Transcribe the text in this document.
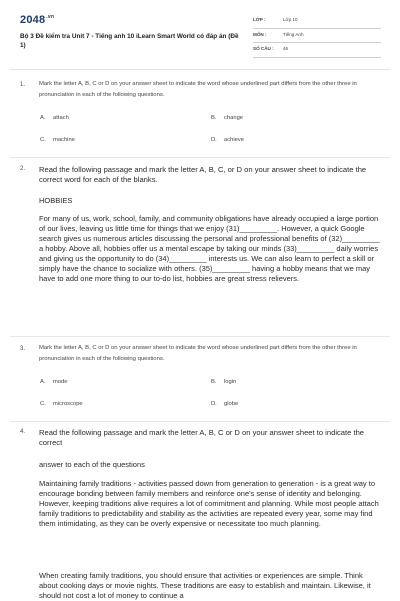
$2048^{.vn}$
Bộ 3 Đề kiểm tra Unit 7 - Tiếng anh 10 iLearn Smart World có đáp án (Đề 1)
LỚP :	Lớp 10
MÔN :	Tiếng Anh
SỐ CÂU : 46
1. Mark the letter A, B, C or D on your answer sheet to indicate the word whose underlined part differs from the other three in pronunciation in each of the following questions.
A. attach	B. change
C. machine	D. achieve
2. Read the following passage and mark the letter A, B, C, or D on your answer sheet to indicate the correct word for each of the blanks.
HOBBIES
For many of us, work, school, family, and community obligations have already occupied a large portion of our lives, leaving us little time for things that we enjoy (31)_________. However, a quick Google search gives us numerous articles discussing the personal and professional benefits of (32)_________ a hobby. Above all, hobbies offer us a mental escape by taking our minds (33)_________ daily worries and giving us the opportunity to do (34)_________ interests us. We can also learn to perfect a skill or simply have the chance to socialize with others. (35)_________ having a hobby means that we may have to add one more thing to our to-do list, hobbies are great stress relievers.
3. Mark the letter A, B, C or D on your answer sheet to indicate the word whose underlined part differs from the other three in pronunciation in each of the following questions.
A. mode	B. login
C. microscope	D. globe
4. Read the following passage and mark the letter A, B, C or D on your answer sheet to indicate the correct
answer to each of the questions
Maintaining family traditions - activities passed down from generation to generation - is a great way to encourage bonding between family members and reinforce one's sense of identity and belonging. However, keeping traditions alive requires a lot of commitment and planning. While most people attach family traditions to predictability and stability as the activities are repeated every year, some may find them intimidating, as they can be overly expensive or necessitate too much planning.
When creating family traditions, you should ensure that activities or experiences are simple. Think about cooking days or movie nights. These traditions are easy to establish and maintain. Likewise, it should not cost a lot of money to continue a
